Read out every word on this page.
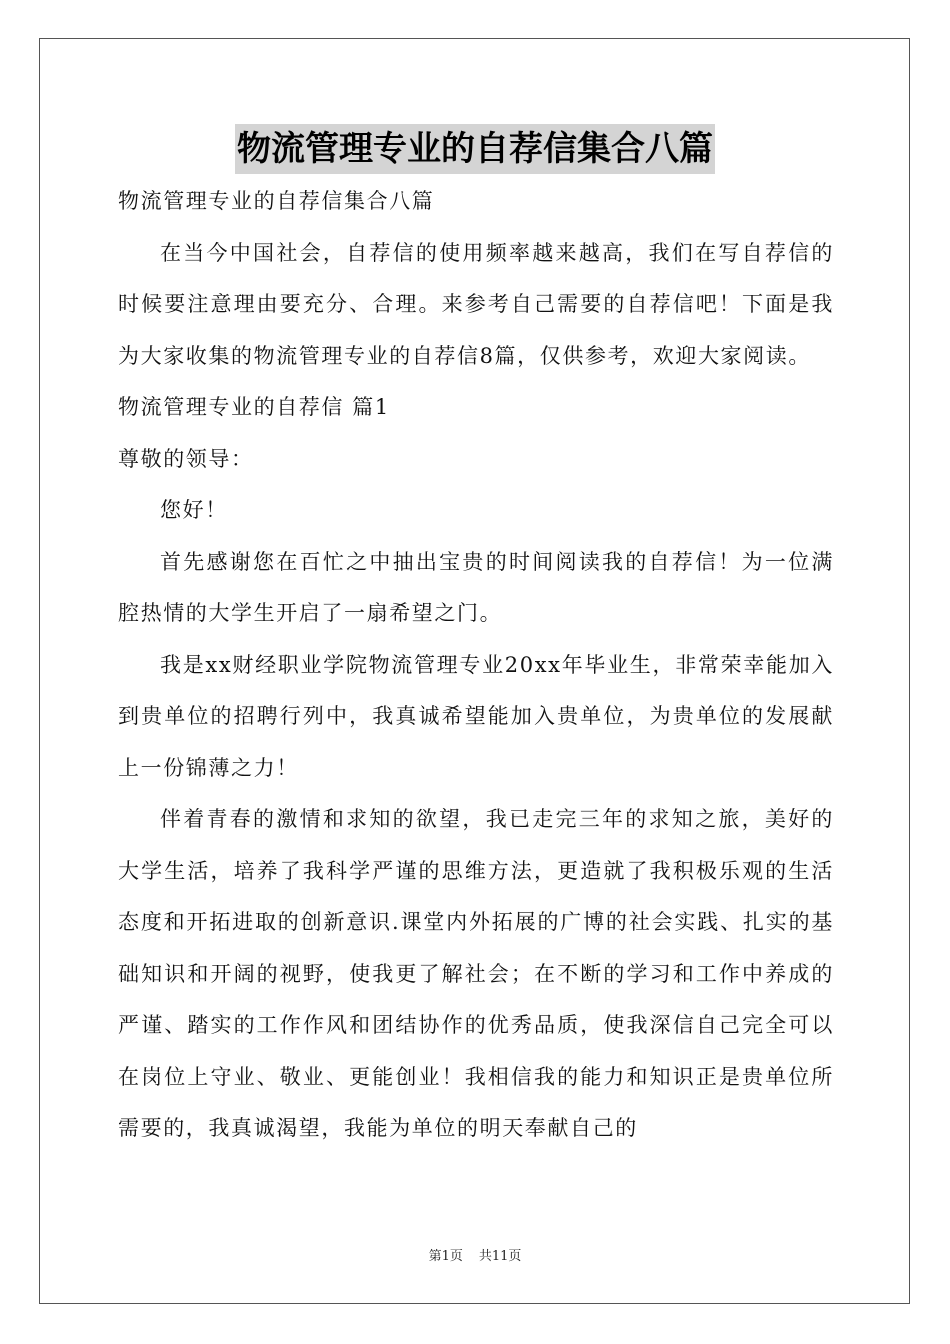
物流管理专业的自荐信集合八篇

物流管理专业的自荐信集合八篇

在当今中国社会，自荐信的使用频率越来越高，我们在写自荐信的时候要注意理由要充分、合理。来参考自己需要的自荐信吧！下面是我为大家收集的物流管理专业的自荐信8篇，仅供参考，欢迎大家阅读。

物流管理专业的自荐信 篇1

尊敬的领导：

您好！

首先感谢您在百忙之中抽出宝贵的时间阅读我的自荐信！为一位满腔热情的大学生开启了一扇希望之门。

我是xx财经职业学院物流管理专业20xx年毕业生，非常荣幸能加入到贵单位的招聘行列中，我真诚希望能加入贵单位，为贵单位的发展献上一份锦薄之力！

伴着青春的激情和求知的欲望，我已走完三年的求知之旅，美好的大学生活，培养了我科学严谨的思维方法，更造就了我积极乐观的生活态度和开拓进取的创新意识.课堂内外拓展的广博的社会实践、扎实的基础知识和开阔的视野，使我更了解社会；在不断的学习和工作中养成的严谨、踏实的工作作风和团结协作的优秀品质，使我深信自己完全可以在岗位上守业、敬业、更能创业！我相信我的能力和知识正是贵单位所需要的，我真诚渴望，我能为单位的明天奉献自己的

第1页 共11页
